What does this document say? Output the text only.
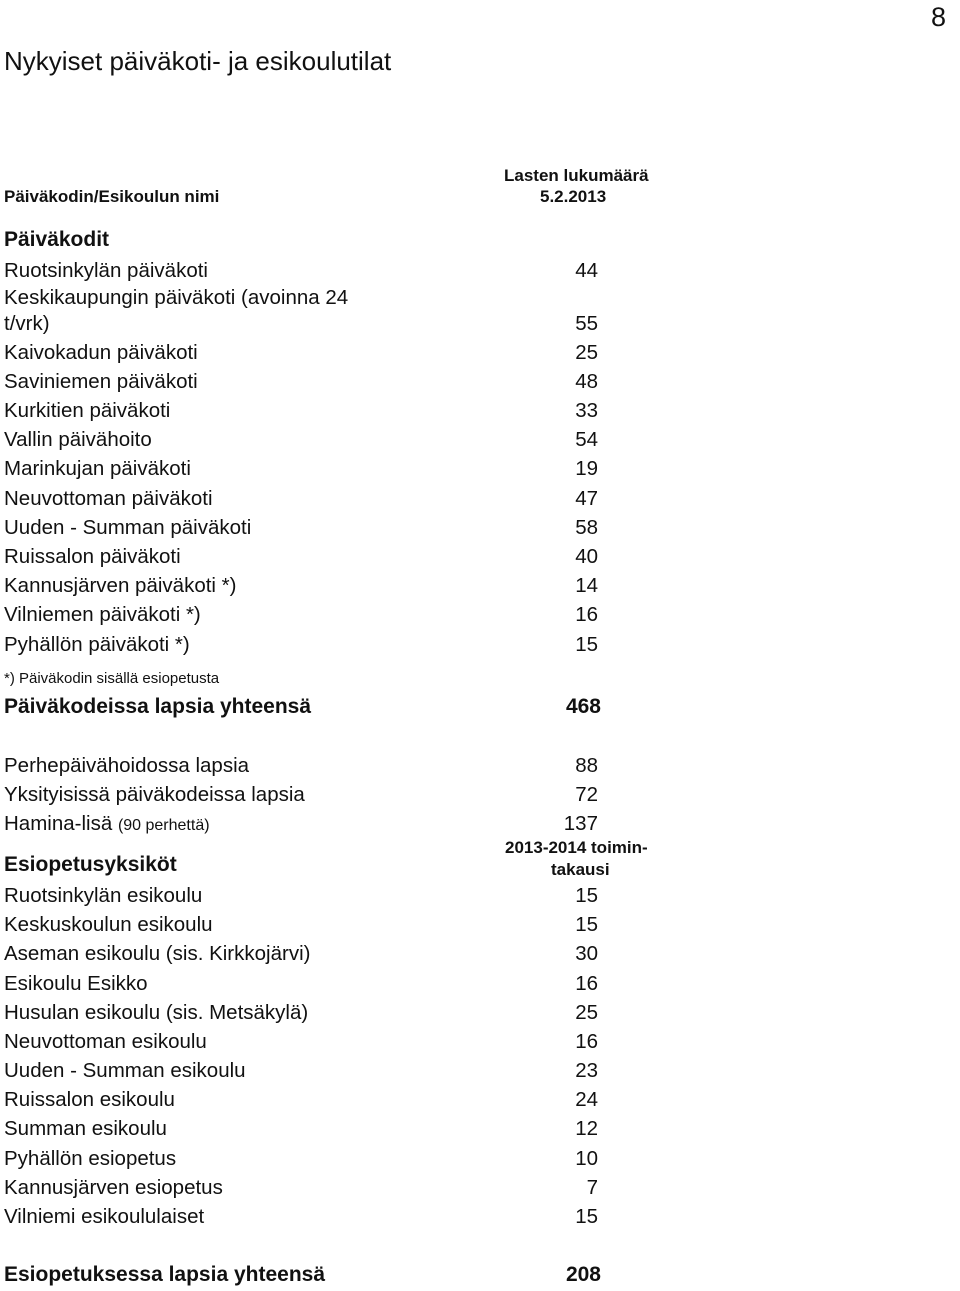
8
Nykyiset päiväkoti- ja esikoulutilat
Päiväkodin/Esikoulun nimi
Lasten lukumäärä
5.2.2013
Päiväkodit
Ruotsinkylän päiväkoti	44
Keskikaupungin päiväkoti (avoinna 24
t/vrk)	55
Kaivokadun päiväkoti	25
Saviniemen päiväkoti	48
Kurkitien päiväkoti	33
Vallin päivähoito	54
Marinkujan päiväkoti	19
Neuvottoman päiväkoti	47
Uuden - Summan päiväkoti	58
Ruissalon päiväkoti	40
Kannusjärven päiväkoti *)	14
Vilniemen päiväkoti *)	16
Pyhällön päiväkoti *)	15
*) Päiväkodin sisällä esiopetusta
Päiväkodeissa lapsia yhteensä	468
Perhepäivähoidossa lapsia	88
Yksityisissä päiväkodeissa lapsia	72
Hamina-lisä (90 perhettä)	137
Esiopetusyksiköt
2013-2014 toimin-
takausi
Ruotsinkylän esikoulu	15
Keskuskoulun esikoulu	15
Aseman esikoulu (sis. Kirkkojärvi)	30
Esikoulu Esikko	16
Husulan esikoulu (sis. Metsäkylä)	25
Neuvottoman esikoulu	16
Uuden - Summan esikoulu	23
Ruissalon esikoulu	24
Summan esikoulu	12
Pyhällön esiopetus	10
Kannusjärven esiopetus	7
Vilniemi esikoululaiset	15
Esiopetuksessa lapsia yhteensä	208
